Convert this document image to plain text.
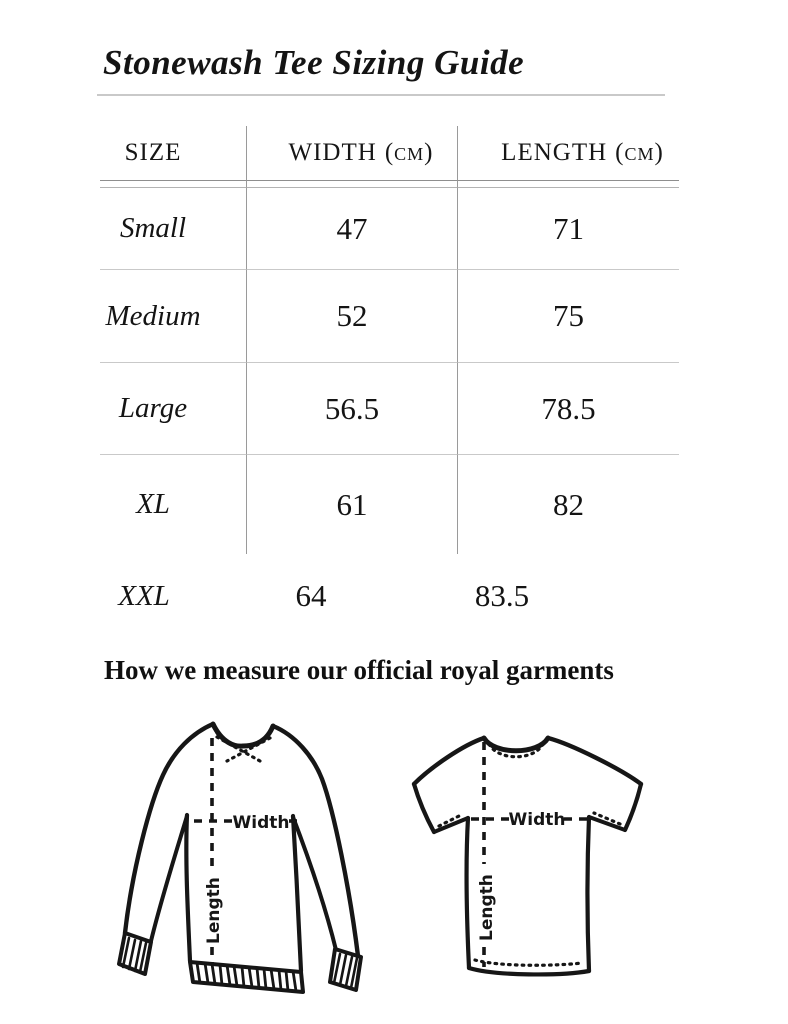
Stonewash Tee Sizing Guide
SIZE	WIDTH (cm)	LENGTH (cm)
Small	47	71
Medium	52	75
Large	56.5	78.5
XL	61	82
XXL	64	83.5
How we measure our official royal garments
Width
Length
Width
Length
